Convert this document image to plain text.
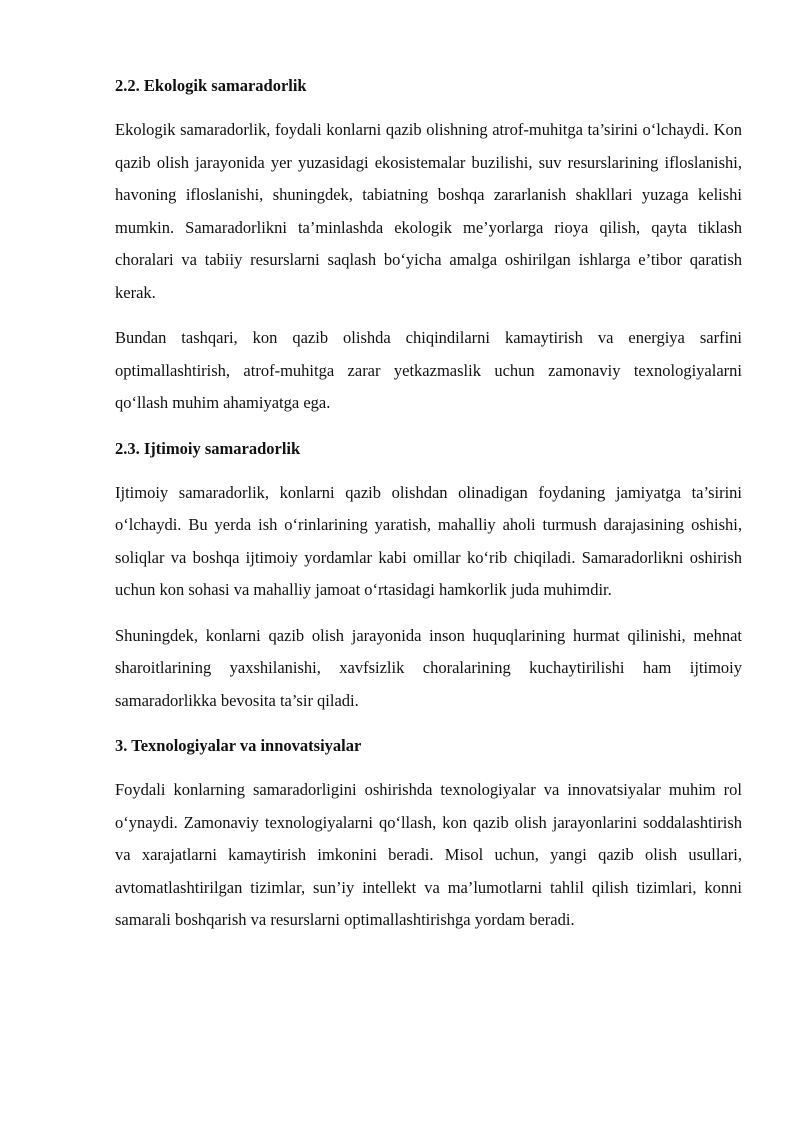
2.2. Ekologik samaradorlik

Ekologik samaradorlik, foydali konlarni qazib olishning atrof-muhitga ta’sirini o‘lchaydi. Kon qazib olish jarayonida yer yuzasidagi ekosistemalar buzilishi, suv resurslarining ifloslanishi, havoning ifloslanishi, shuningdek, tabiatning boshqa zararlanish shakllari yuzaga kelishi mumkin. Samaradorlikni ta’minlashda ekologik me’yorlarga rioya qilish, qayta tiklash choralari va tabiiy resurslarni saqlash bo‘yicha amalga oshirilgan ishlarga e’tibor qaratish kerak.

Bundan tashqari, kon qazib olishda chiqindilarni kamaytirish va energiya sarfini optimallashtirish, atrof-muhitga zarar yetkazmaslik uchun zamonaviy texnologiyalarni qo‘llash muhim ahamiyatga ega.

2.3. Ijtimoiy samaradorlik

Ijtimoiy samaradorlik, konlarni qazib olishdan olinadigan foydaning jamiyatga ta’sirini o‘lchaydi. Bu yerda ish o‘rinlarining yaratish, mahalliy aholi turmush darajasining oshishi, soliqlar va boshqa ijtimoiy yordamlar kabi omillar ko‘rib chiqiladi. Samaradorlikni oshirish uchun kon sohasi va mahalliy jamoat o‘rtasidagi hamkorlik juda muhimdir.

Shuningdek, konlarni qazib olish jarayonida inson huquqlarining hurmat qilinishi, mehnat sharoitlarining yaxshilanishi, xavfsizlik choralarining kuchaytirilishi ham ijtimoiy samaradorlikka bevosita ta’sir qiladi.

3. Texnologiyalar va innovatsiyalar

Foydali konlarning samaradorligini oshirishda texnologiyalar va innovatsiyalar muhim rol o‘ynaydi. Zamonaviy texnologiyalarni qo‘llash, kon qazib olish jarayonlarini soddalashtirish va xarajatlarni kamaytirish imkonini beradi. Misol uchun, yangi qazib olish usullari, avtomatlashtirilgan tizimlar, sun’iy intellekt va ma’lumotlarni tahlil qilish tizimlari, konni samarali boshqarish va resurslarni optimallashtirishga yordam beradi.
